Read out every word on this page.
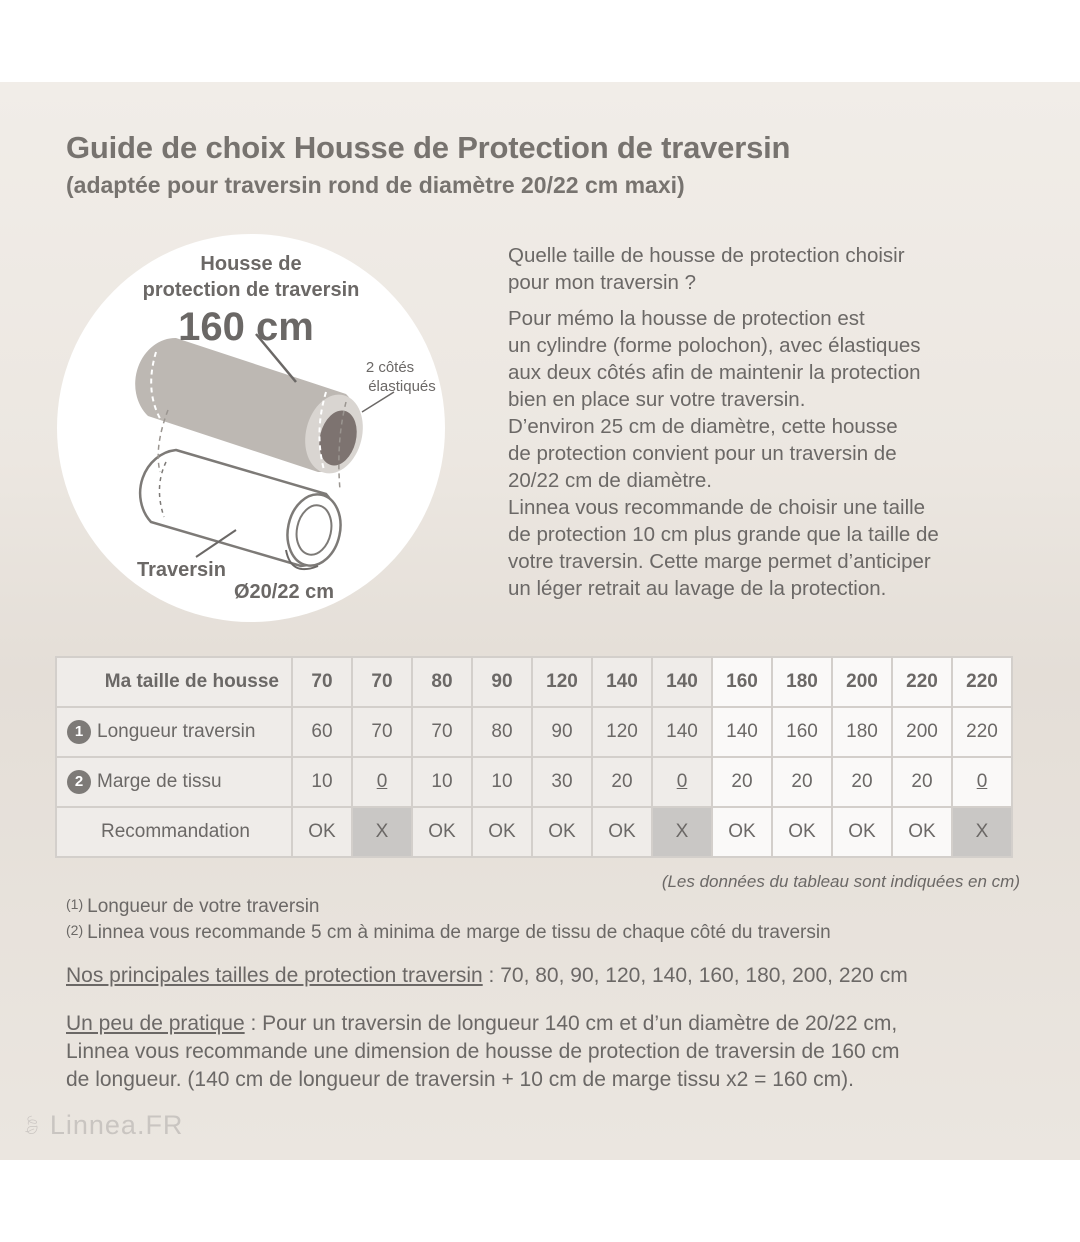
Guide de choix Housse de Protection de traversin
(adaptée pour traversin rond de diamètre 20/22 cm maxi)
Housse de
protection de traversin
160 cm
2 côtés
élastiqués
Traversin
Ø20/22 cm

Quelle taille de housse de protection choisir
pour mon traversin ?

Pour mémo la housse de protection est
un cylindre (forme polochon), avec élastiques
aux deux côtés afin de maintenir la protection
bien en place sur votre traversin.
D’environ 25 cm de diamètre, cette housse
de protection convient pour un traversin de
20/22 cm de diamètre.
Linnea vous recommande de choisir une taille
de protection 10 cm plus grande que la taille de
votre traversin. Cette marge permet d’anticiper
un léger retrait au lavage de la protection.

Ma taille de housse	70	70	80	90	120	140	140	160	180	200	220	220
1 Longueur traversin	60	70	70	80	90	120	140	140	160	180	200	220
2 Marge de tissu	10	0	10	10	30	20	0	20	20	20	20	0
Recommandation	OK	X	OK	OK	OK	OK	X	OK	OK	OK	OK	X
(Les données du tableau sont indiquées en cm)
$^{(1)}$ Longueur de votre traversin
$^{(2)}$ Linnea vous recommande 5 cm à minima de marge de tissu de chaque côté du traversin
Nos principales tailles de protection traversin : 70, 80, 90, 120, 140, 160, 180, 200, 220 cm
Un peu de pratique : Pour un traversin de longueur 140 cm et d’un diamètre de 20/22 cm,
Linnea vous recommande une dimension de housse de protection de traversin de 160 cm
de longueur. (140 cm de longueur de traversin + 10 cm de marge tissu x2 = 160 cm).
🍃︎ Linnea.FR
